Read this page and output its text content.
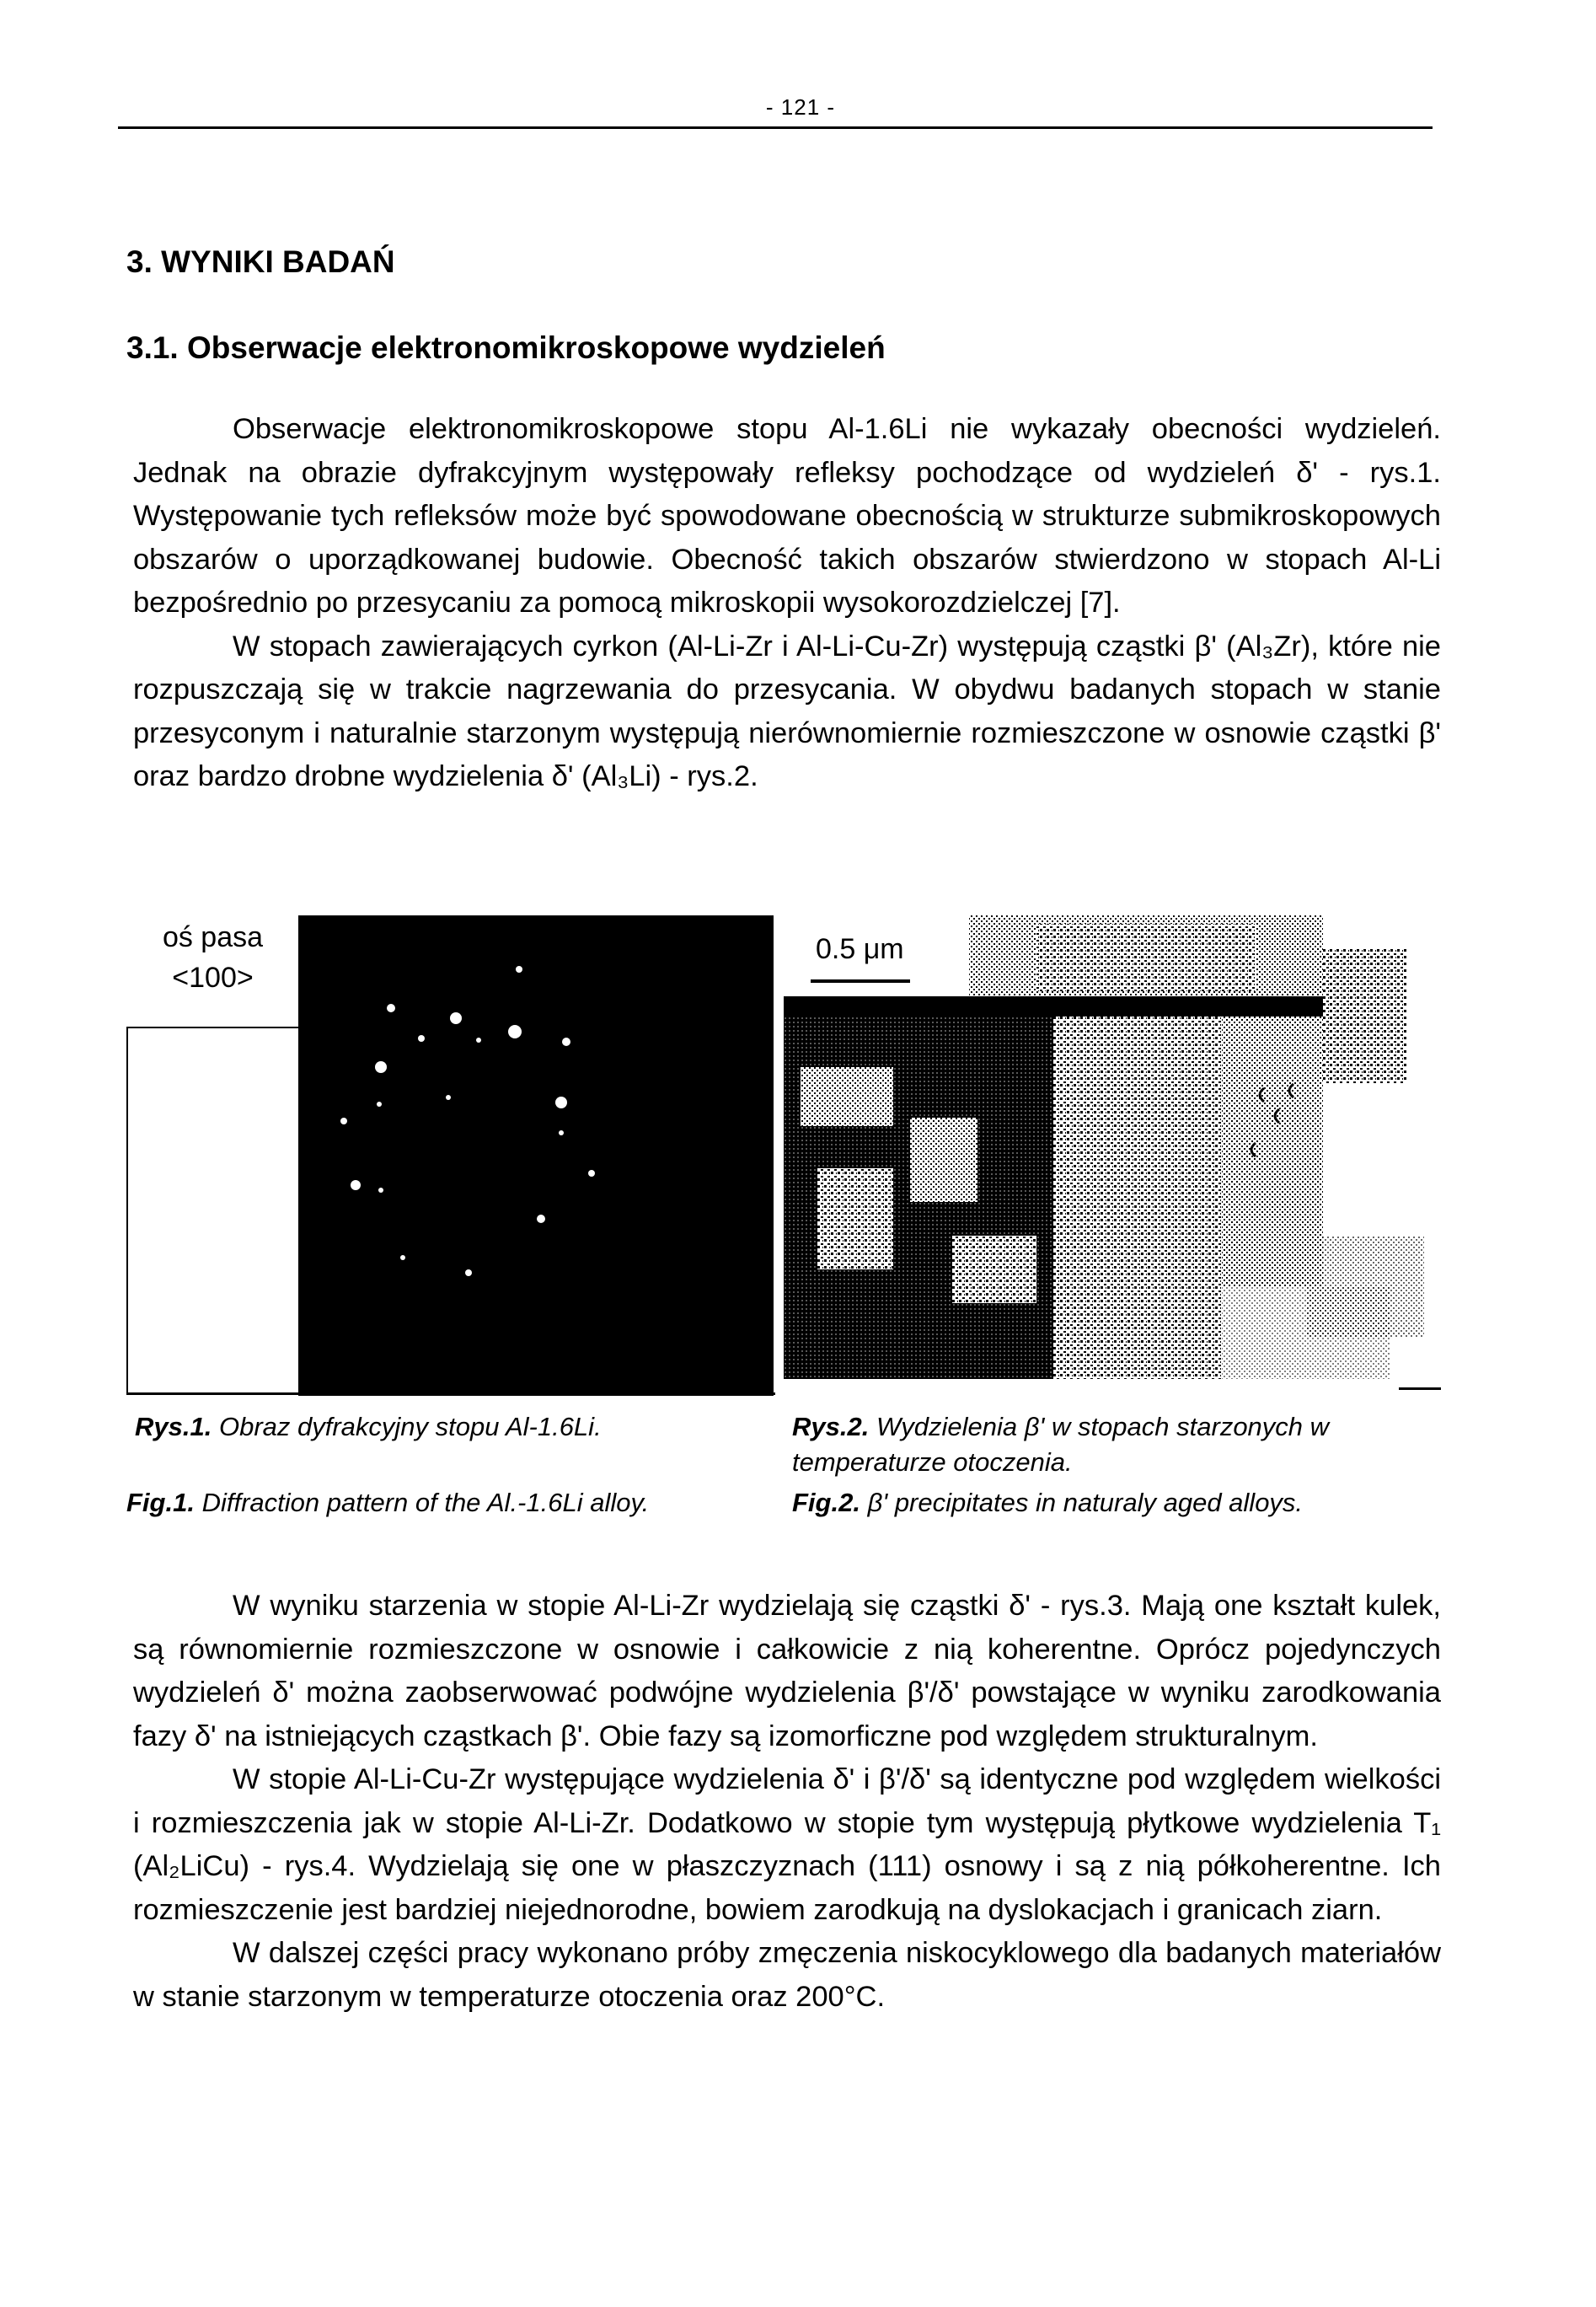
- 121 -
3. WYNIKI BADAŃ
3.1. Obserwacje elektronomikroskopowe wydzieleń

Obserwacje elektronomikroskopowe stopu Al-1.6Li nie wykazały obecności wydzieleń. Jednak na obrazie dyfrakcyjnym występowały refleksy pochodzące od wydzieleń δ' - rys.1. Występowanie tych refleksów może być spowodowane obecnością w strukturze submikroskopowych obszarów o uporządkowanej budowie. Obecność takich obszarów stwierdzono w stopach Al-Li bezpośrednio po przesycaniu za pomocą mikroskopii wysokorozdzielczej [7].

W stopach zawierających cyrkon (Al-Li-Zr i Al-Li-Cu-Zr) występują cząstki β' (Al₃Zr), które nie rozpuszczają się w trakcie nagrzewania do przesycania. W obydwu badanych stopach w stanie przesyconym i naturalnie starzonym występują nierównomiernie rozmieszczone w osnowie cząstki β' oraz bardzo drobne wydzielenia δ' (Al₃Li) - rys.2.

oś pasa
<100>
0.5 μm
Rys.1. Obraz dyfrakcyjny stopu Al-1.6Li.	Rys.2. Wydzielenia β' w stopach starzonych w temperaturze otoczenia.
Fig.1. Diffraction pattern of the Al.-1.6Li alloy.	Fig.2. β' precipitates in naturaly aged alloys.

W wyniku starzenia w stopie Al-Li-Zr wydzielają się cząstki δ' - rys.3. Mają one kształt kulek, są równomiernie rozmieszczone w osnowie i całkowicie z nią koherentne. Oprócz pojedynczych wydzieleń δ' można zaobserwować podwójne wydzielenia β'/δ' powstające w wyniku zarodkowania fazy δ' na istniejących cząstkach β'. Obie fazy są izomorficzne pod względem strukturalnym.

W stopie Al-Li-Cu-Zr występujące wydzielenia δ' i β'/δ' są identyczne pod względem wielkości i rozmieszczenia jak w stopie Al-Li-Zr. Dodatkowo w stopie tym występują płytkowe wydzielenia T₁ (Al₂LiCu) - rys.4. Wydzielają się one w płaszczyznach (111) osnowy i są z nią półkoherentne. Ich rozmieszczenie jest bardziej niejednorodne, bowiem zarodkują na dyslokacjach i granicach ziarn.

W dalszej części pracy wykonano próby zmęczenia niskocyklowego dla badanych materiałów w stanie starzonym w temperaturze otoczenia oraz 200°C.
